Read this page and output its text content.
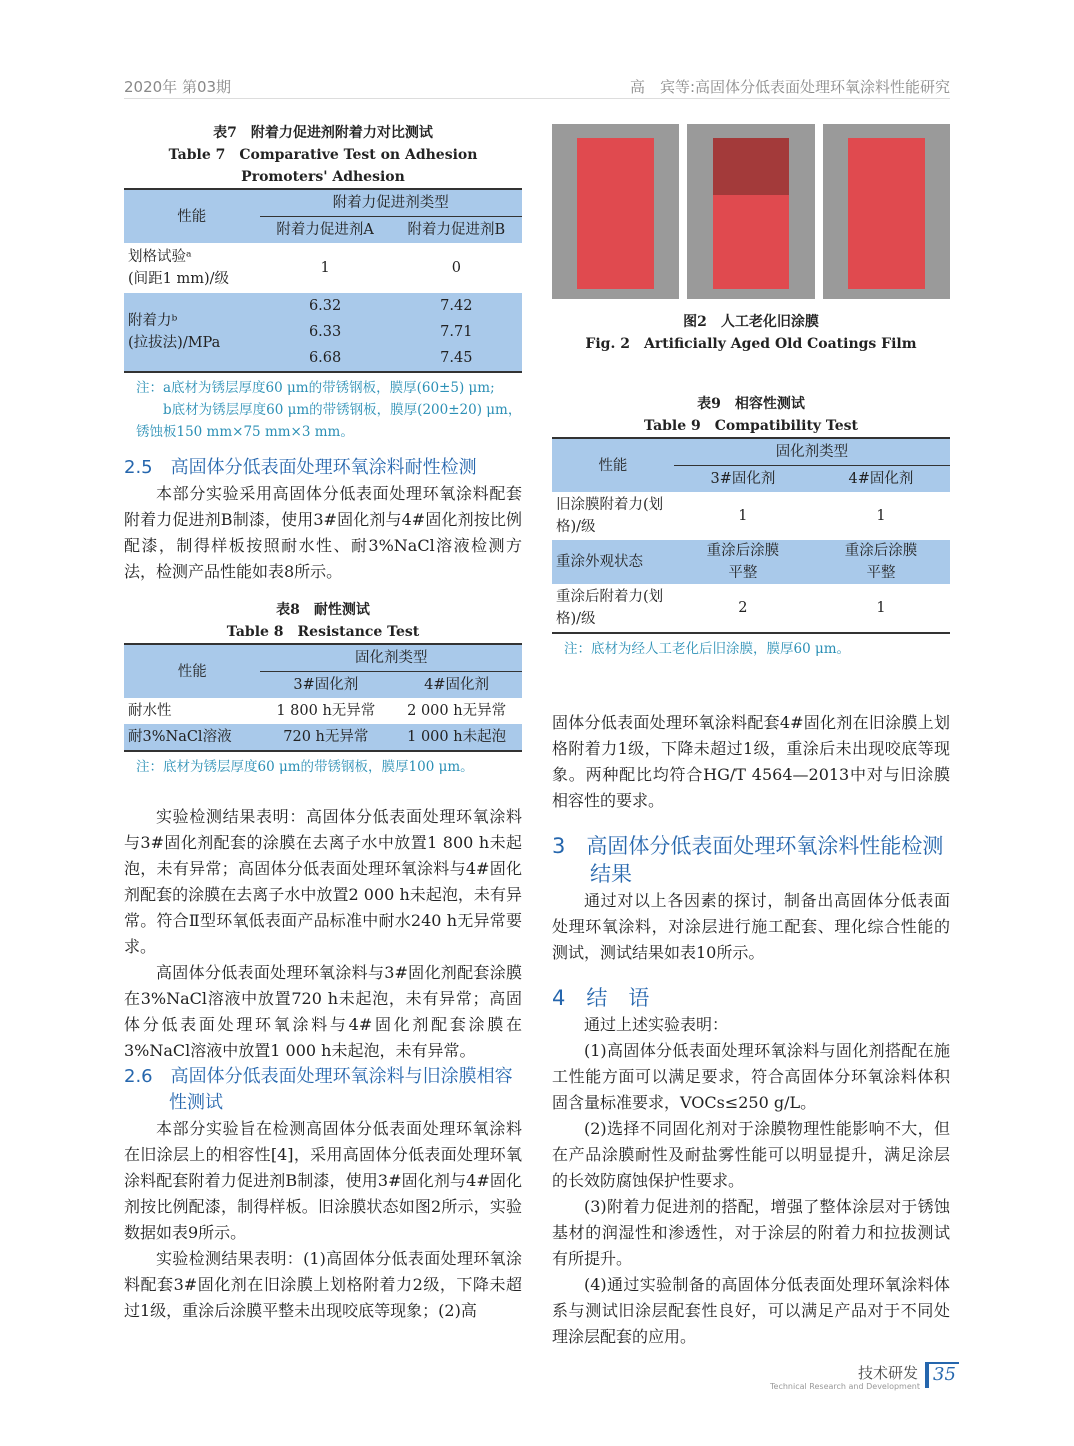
2020年 第03期	高　宾等:高固体分低表面处理环氧涂料性能研究
表7　附着力促进剂附着力对比测试
Table 7　Comparative Test on Adhesion Promoters' Adhesion
性能	附着力促进剂类型	
	附着力促进剂A	附着力促进剂B

划格试验ᵃ
(间距1 mm)/级	1	0

附着力ᵇ
(拉拔法)/MPa	6.32	7.42
	6.33	7.71
	6.68	7.45
注：a底材为锈层厚度60 μm的带锈钢板，膜厚(60±5) μm;
b底材为锈层厚度60 μm的带锈钢板，膜厚(200±20) μm，锈蚀板150 mm×75 mm×3 mm。
2.5　高固体分低表面处理环氧涂料耐性检测

本部分实验采用高固体分低表面处理环氧涂料配套附着力促进剂B制漆，使用3#固化剂与4#固化剂按比例配漆，制得样板按照耐水性、耐3%NaCl溶液检测方法，检测产品性能如表8所示。

表8　耐性测试
Table 8　Resistance Test
性能	固化剂类型	
	3#固化剂	4#固化剂
耐水性	1 800 h无异常	2 000 h无异常
耐3%NaCl溶液	720 h无异常	1 000 h未起泡
注：底材为锈层厚度60 μm的带锈钢板，膜厚100 μm。

实验检测结果表明：高固体分低表面处理环氧涂料与3#固化剂配套的涂膜在去离子水中放置1 800 h未起泡，未有异常；高固体分低表面处理环氧涂料与4#固化剂配套的涂膜在去离子水中放置2 000 h未起泡，未有异常。符合Ⅱ型环氧低表面产品标准中耐水240 h无异常要求。

高固体分低表面处理环氧涂料与3#固化剂配套涂膜在3%NaCl溶液中放置720 h未起泡，未有异常；高固体分低表面处理环氧涂料与4#固化剂配套涂膜在3%NaCl溶液中放置1 000 h未起泡，未有异常。

2.6　高固体分低表面处理环氧涂料与旧涂膜相容性测试

本部分实验旨在检测高固体分低表面处理环氧涂料在旧涂层上的相容性[4]，采用高固体分低表面处理环氧涂料配套附着力促进剂B制漆，使用3#固化剂与4#固化剂按比例配漆，制得样板。旧涂膜状态如图2所示，实验数据如表9所示。

实验检测结果表明：(1)高固体分低表面处理环氧涂料配套3#固化剂在旧涂膜上划格附着力2级，下降未超过1级，重涂后涂膜平整未出现咬底等现象；(2)高

图2　人工老化旧涂膜
Fig. 2　Artificially Aged Old Coatings Film
表9　相容性测试
Table 9　Compatibility Test
性能	固化剂类型	
	3#固化剂	4#固化剂
旧涂膜附着力(划格)/级	1	1
重涂外观状态	重涂后涂膜平整	重涂后涂膜平整
重涂后附着力(划格)/级	2	1
注：底材为经人工老化后旧涂膜，膜厚60 μm。

固体分低表面处理环氧涂料配套4#固化剂在旧涂膜上划格附着力1级，下降未超过1级，重涂后未出现咬底等现象。两种配比均符合HG/T 4564—2013中对与旧涂膜相容性的要求。

3　高固体分低表面处理环氧涂料性能检测结果

通过对以上各因素的探讨，制备出高固体分低表面处理环氧涂料，对涂层进行施工配套、理化综合性能的测试，测试结果如表10所示。

4　结　语

通过上述实验表明：

(1)高固体分低表面处理环氧涂料与固化剂搭配在施工性能方面可以满足要求，符合高固体分环氧涂料体积固含量标准要求，VOCs≤250 g/L。

(2)选择不同固化剂对于涂膜物理性能影响不大，但在产品涂膜耐性及耐盐雾性能可以明显提升，满足涂层的长效防腐蚀保护性要求。

(3)附着力促进剂的搭配，增强了整体涂层对于锈蚀基材的润湿性和渗透性，对于涂层的附着力和拉拔测试有所提升。

(4)通过实验制备的高固体分低表面处理环氧涂料体系与测试旧涂层配套性良好，可以满足产品对于不同处理涂层配套的应用。

技术研发
Technical Research and Development
35
